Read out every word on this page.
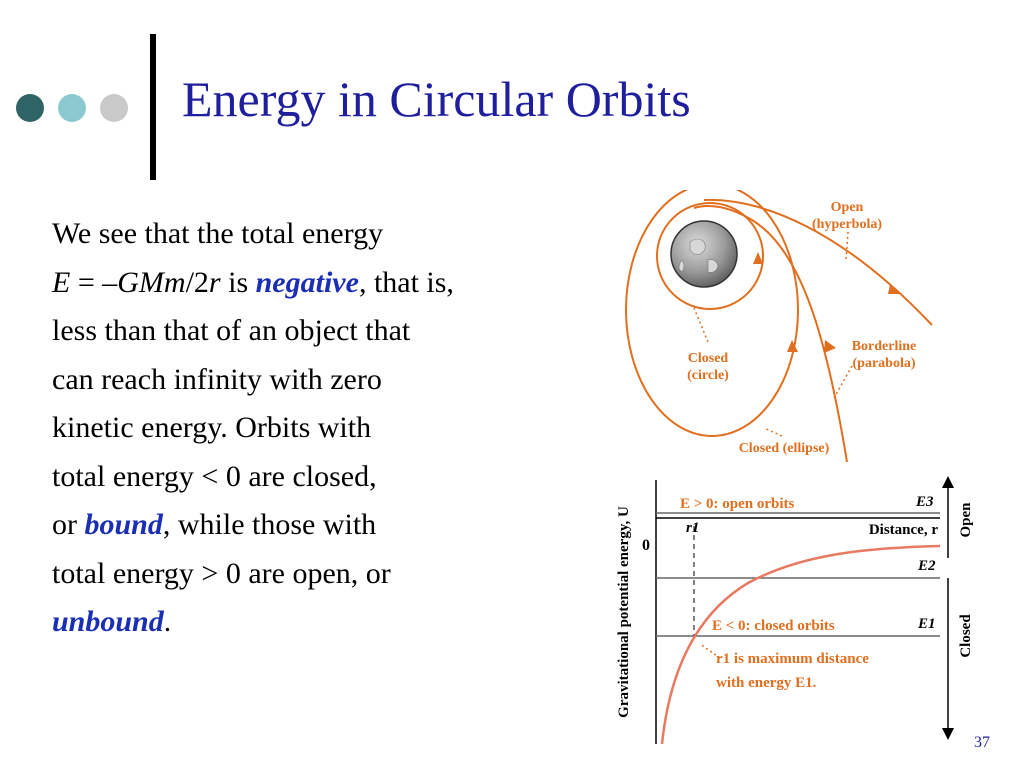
Energy in Circular Orbits
We see that the total energy
E = –GMm/2r is negative, that is,
less than that of an object that
can reach infinity with zero
kinetic energy. Orbits with
total energy < 0 are closed,
or bound, while those with
total energy > 0 are open, or
unbound.
Open
(hyperbola)
Borderline
(parabola)
Closed
(circle)
Closed (ellipse)
Gravitational potential energy, U 0
E > 0: open orbits	E3
r1	Distance, r
E2
E < 0: closed orbits	E1
r1 is maximum distance
with energy E1.
Open
Closed
37
